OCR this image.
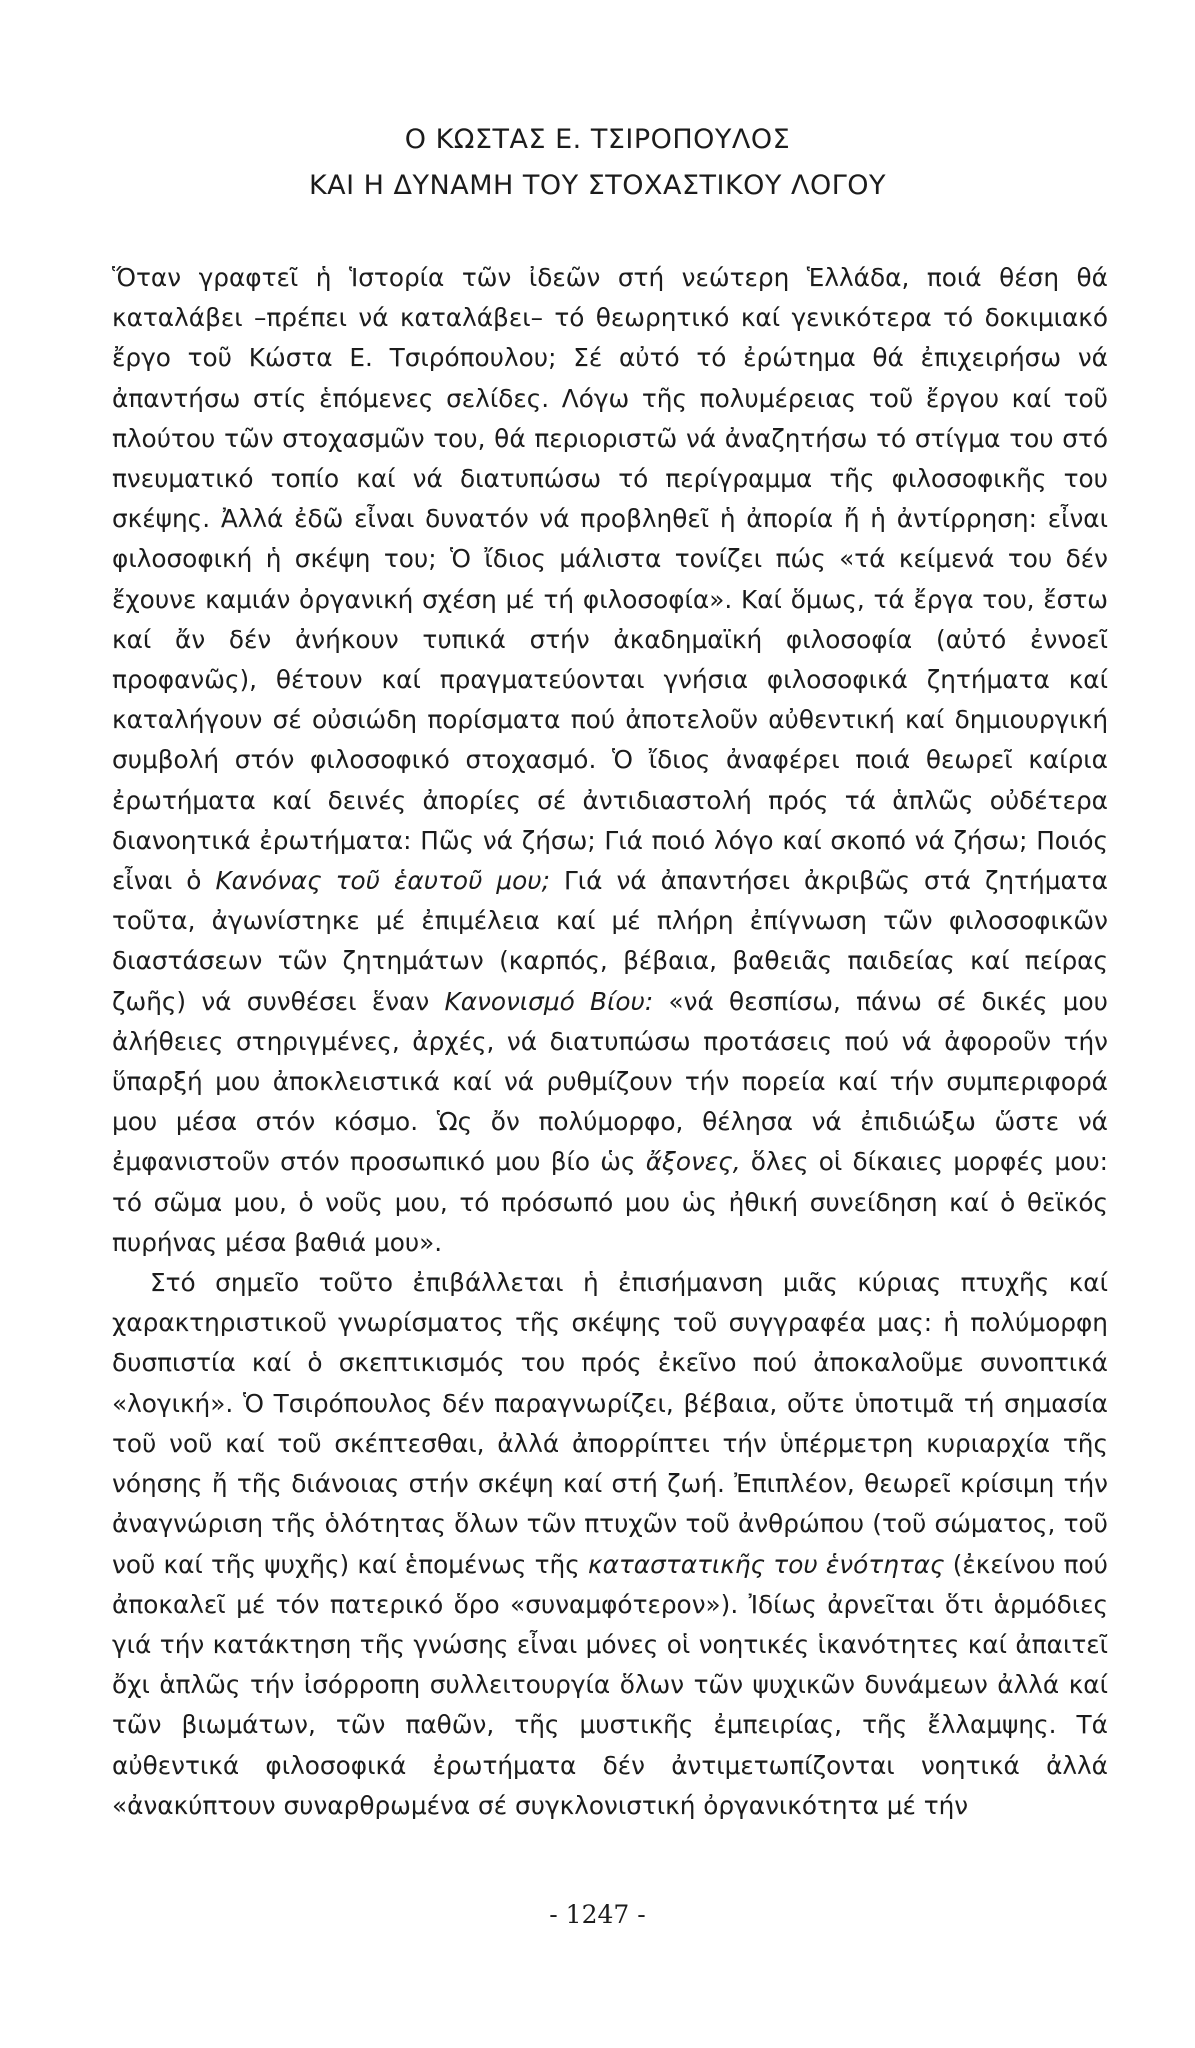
Ο ΚΩΣΤΑΣ Ε. ΤΣΙΡΟΠΟΥΛΟΣ
ΚΑΙ Η ΔΥΝΑΜΗ ΤΟΥ ΣΤΟΧΑΣΤΙΚΟΥ ΛΟΓΟΥ

Ὅταν γραφτεῖ ἡ Ἱστορία τῶν ἰδεῶν στή νεώτερη Ἑλλάδα, ποιά θέση θά καταλάβει –πρέπει νά καταλάβει– τό θεωρητικό καί γενικότερα τό δοκιμιακό ἔργο τοῦ Κώστα Ε. Τσιρόπουλου; Σέ αὐτό τό ἐρώτημα θά ἐπιχειρήσω νά ἀπαντήσω στίς ἑπόμενες σελίδες. Λόγω τῆς πολυμέρειας τοῦ ἔργου καί τοῦ πλούτου τῶν στοχασμῶν του, θά περιοριστῶ νά ἀναζητήσω τό στίγμα του στό πνευματικό τοπίο καί νά διατυπώσω τό περίγραμμα τῆς φιλοσοφικῆς του σκέψης. Ἀλλά ἐδῶ εἶναι δυνατόν νά προβληθεῖ ἡ ἀπορία ἤ ἡ ἀντίρρηση: εἶναι φιλοσοφική ἡ σκέψη του; Ὁ ἴδιος μάλιστα τονίζει πώς «τά κείμενά του δέν ἔχουνε καμιάν ὀργανική σχέση μέ τή φιλοσοφία». Καί ὅμως, τά ἔργα του, ἔστω καί ἄν δέν ἀνήκουν τυπικά στήν ἀκαδημαϊκή φιλοσοφία (αὐτό ἐννοεῖ προφανῶς), θέτουν καί πραγματεύονται γνήσια φιλοσοφικά ζητήματα καί καταλήγουν σέ οὐσιώδη πορίσματα πού ἀποτελοῦν αὐθεντική καί δημιουργική συμβολή στόν φιλοσοφικό στοχασμό. Ὁ ἴδιος ἀναφέρει ποιά θεωρεῖ καίρια ἐρωτήματα καί δεινές ἀπορίες σέ ἀντιδιαστολή πρός τά ἁπλῶς οὐδέτερα διανοητικά ἐρωτήματα: Πῶς νά ζήσω; Γιά ποιό λόγο καί σκοπό νά ζήσω; Ποιός εἶναι ὁ Κανόνας τοῦ ἑαυτοῦ μου; Γιά νά ἀπαντήσει ἀκριβῶς στά ζητήματα τοῦτα, ἀγωνίστηκε μέ ἐπιμέλεια καί μέ πλήρη ἐπίγνωση τῶν φιλοσοφικῶν διαστάσεων τῶν ζητημάτων (καρπός, βέβαια, βαθειᾶς παιδείας καί πείρας ζωῆς) νά συνθέσει ἕναν Κανονισμό Βίου: «νά θεσπίσω, πάνω σέ δικές μου ἀλήθειες στηριγμένες, ἀρχές, νά διατυπώσω προτάσεις πού νά ἀφοροῦν τήν ὕπαρξή μου ἀποκλειστικά καί νά ρυθμίζουν τήν πορεία καί τήν συμπεριφορά μου μέσα στόν κόσμο. Ὡς ὄν πολύμορφο, θέλησα νά ἐπιδιώξω ὥστε νά ἐμφανιστοῦν στόν προσωπικό μου βίο ὡς ἄξονες, ὅλες οἱ δίκαιες μορφές μου: τό σῶμα μου, ὁ νοῦς μου, τό πρόσωπό μου ὡς ἠθική συνείδηση καί ὁ θεϊκός πυρήνας μέσα βαθιά μου».

Στό σημεῖο τοῦτο ἐπιβάλλεται ἡ ἐπισήμανση μιᾶς κύριας πτυχῆς καί χαρακτηριστικοῦ γνωρίσματος τῆς σκέψης τοῦ συγγραφέα μας: ἡ πολύμορφη δυσπιστία καί ὁ σκεπτικισμός του πρός ἐκεῖνο πού ἀποκαλοῦμε συνοπτικά «λογική». Ὁ Τσιρόπουλος δέν παραγνωρίζει, βέβαια, οὔτε ὑποτιμᾶ τή σημασία τοῦ νοῦ καί τοῦ σκέπτεσθαι, ἀλλά ἀπορρίπτει τήν ὑπέρμετρη κυριαρχία τῆς νόησης ἤ τῆς διάνοιας στήν σκέψη καί στή ζωή. Ἐπιπλέον, θεωρεῖ κρίσιμη τήν ἀναγνώριση τῆς ὁλότητας ὅλων τῶν πτυχῶν τοῦ ἀνθρώπου (τοῦ σώματος, τοῦ νοῦ καί τῆς ψυχῆς) καί ἑπομένως τῆς καταστατικῆς του ἑνότητας (ἐκείνου πού ἀποκαλεῖ μέ τόν πατερικό ὅρο «συναμφότερον»). Ἰδίως ἀρνεῖται ὅτι ἁρμόδιες γιά τήν κατάκτηση τῆς γνώσης εἶναι μόνες οἱ νοητικές ἱκανότητες καί ἀπαιτεῖ ὄχι ἁπλῶς τήν ἰσόρροπη συλλειτουργία ὅλων τῶν ψυχικῶν δυνάμεων ἀλλά καί τῶν βιωμάτων, τῶν παθῶν, τῆς μυστικῆς ἐμπειρίας, τῆς ἔλλαμψης. Τά αὐθεντικά φιλοσοφικά ἐρωτήματα δέν ἀντιμετωπίζονται νοητικά ἀλλά «ἀνακύπτουν συναρθρωμένα σέ συγκλονιστική ὀργανικότητα μέ τήν

- 1247 -
